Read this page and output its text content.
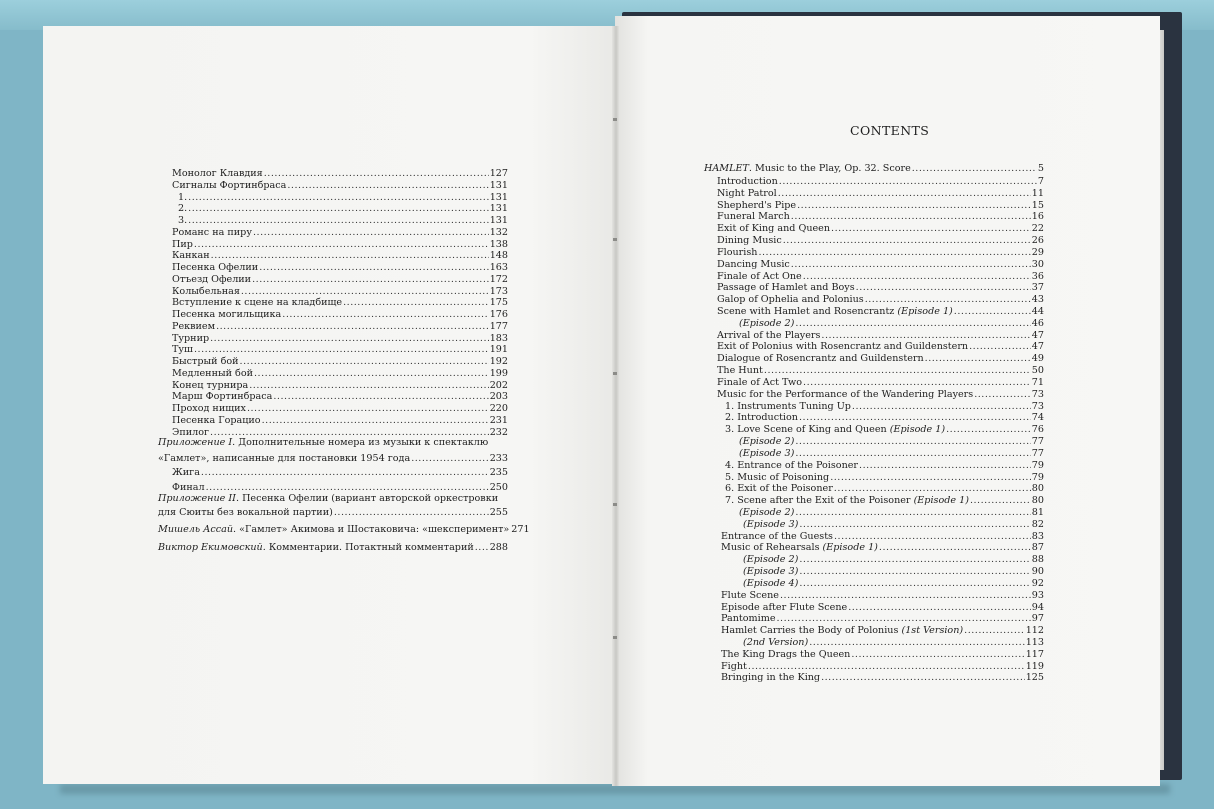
Монолог Клавдия .....	127
Сигналы Фортинбраса .....	131
1. .....	131
2. .....	131
3. .....	131
Романс на пиру .....	132
Пир .....	138
Канкан .....	148
Песенка Офелии .....	163
Отъезд Офелии .....	172
Колыбельная .....	173
Вступление к сцене на кладбище .....	175
Песенка могильщика .....	176
Реквием .....	177
Турнир .....	183
Туш .....	191
Быстрый бой .....	192
Медленный бой .....	199
Конец турнира .....	202
Марш Фортинбраса .....	203
Проход нищих .....	220
Песенка Горацио .....	231
Эпилог .....	232
Приложение I. Дополнительные номера из музыки к спектаклю
«Гамлет», написанные для постановки 1954 года .....	233
Жига .....	235
Финал .....	250
Приложение II. Песенка Офелии (вариант авторской оркестровки
для Сюиты без вокальной партии) .....	255
Мишель Ассай. «Гамлет» Акимова и Шостаковича: «шексперимент» 271
Виктор Екимовский. Комментарии. Потактный комментарий ..... 288
CONTENTS
HAMLET. Music to the Play, Op. 32. Score .....	5
Introduction .....	7
Night Patrol .....	11
Shepherd's Pipe .....	15
Funeral March .....	16
Exit of King and Queen .....	22
Dining Music .....	26
Flourish .....	29
Dancing Music .....	30
Finale of Act One .....	36
Passage of Hamlet and Boys .....	37
Galop of Ophelia and Polonius .....	43
Scene with Hamlet and Rosencrantz (Episode 1) .....	44
(Episode 2) .....	46
Arrival of the Players .....	47
Exit of Polonius with Rosencrantz and Guildenstern .....	47
Dialogue of Rosencrantz and Guildenstern .....	49
The Hunt .....	50
Finale of Act Two .....	71
Music for the Performance of the Wandering Players .....	73
1. Instruments Tuning Up .....	73
2. Introduction .....	74
3. Love Scene of King and Queen (Episode 1) .....	76
(Episode 2) .....	77
(Episode 3) .....	77
4. Entrance of the Poisoner .....	79
5. Music of Poisoning .....	79
6. Exit of the Poisoner .....	80
7. Scene after the Exit of the Poisoner (Episode 1) .....	80
(Episode 2) .....	81
(Episode 3) .....	82
Entrance of the Guests .....	83
Music of Rehearsals (Episode 1) .....	87
(Episode 2) .....	88
(Episode 3) .....	90
(Episode 4) .....	92
Flute Scene .....	93
Episode after Flute Scene .....	94
Pantomime .....	97
Hamlet Carries the Body of Polonius (1st Version) .....	112
(2nd Version) .....	113
The King Drags the Queen .....	117
Fight .....	119
Bringing in the King .....	125
